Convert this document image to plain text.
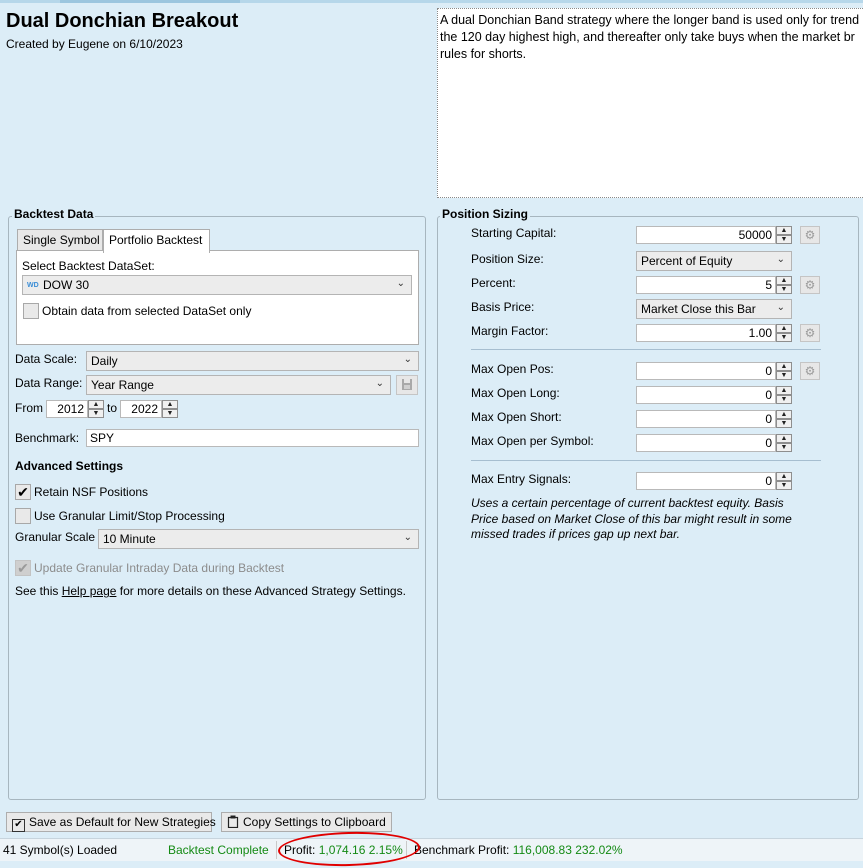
Dual Donchian Breakout
Created by Eugene on 6/10/2023
A dual Donchian Band strategy where the longer band is used only for trend
the 120 day highest high, and thereafter only take buys when the market br
rules for shorts.
Backtest Data
Single Symbol Portfolio Backtest
Select Backtest DataSet:
WD DOW 30	⌄
Obtain data from selected DataSet only
Data Scale:	Daily	⌄
Data Range: Year Range	⌄
From	2012	▲
▼ to	2022	▲
▼
Benchmark: SPY
Advanced Settings
✔ Retain NSF Positions
Use Granular Limit/Stop Processing
Granular Scale 10 Minute	⌄
✔ Update Granular Intraday Data during Backtest
See this Help page for more details on these Advanced Strategy Settings.
Position Sizing
Starting Capital:	50000	▲
▼	⚙
Position Size:	Percent of Equity	⌄
Percent:	5	▲
▼	⚙
Basis Price:	Market Close this Bar ⌄
Margin Factor:	1.00	▲
▼	⚙
Max Open Pos:	0	▲
▼	⚙
Max Open Long:	0	▲
▼
Max Open Short:	0	▲
▼
Max Open per Symbol:	0	▲
▼
Max Entry Signals:	0	▲
▼
Uses a certain percentage of current backtest equity. Basis
Price based on Market Close of this bar might result in some
missed trades if prices gap up next bar.
✔ Save as Default for New Strategies	Copy Settings to Clipboard
41 Symbol(s) Loaded	Backtest Complete Profit: 1,074.16 2.15% Benchmark Profit: 116,008.83 232.02%
